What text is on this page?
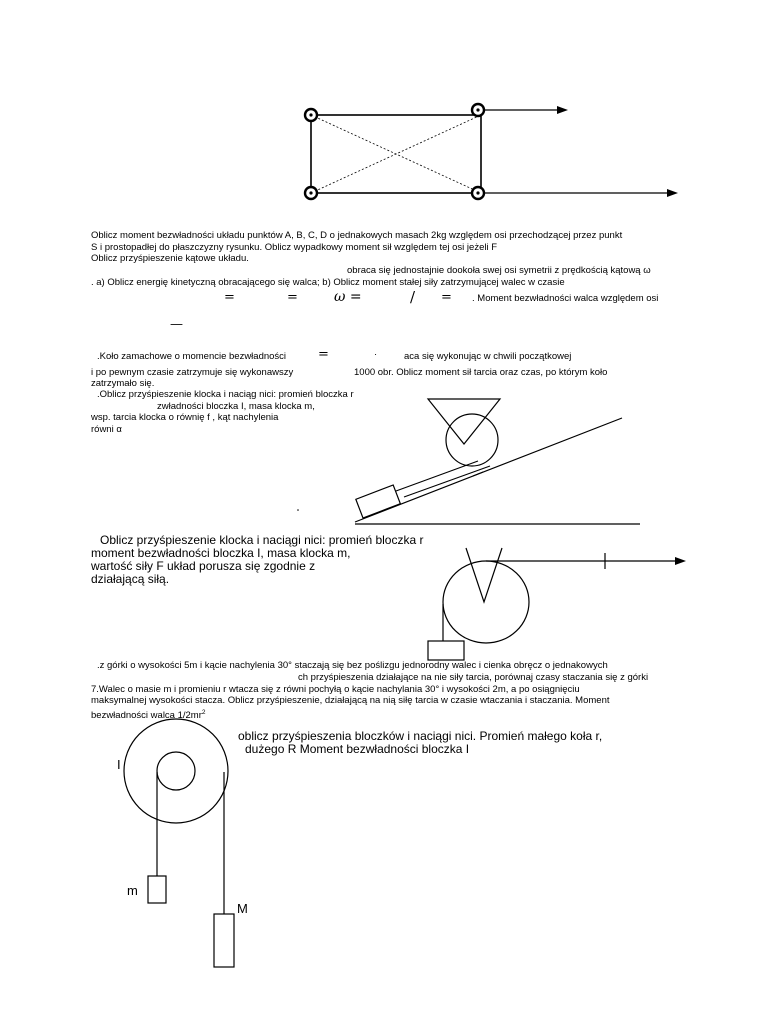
Oblicz moment bezwładności układu punktów A, B, C, D o jednakowych masach 2kg względem osi przechodzącej przez punkt
S i prostopadłej do płaszczyzny rysunku. Oblicz wypadkowy moment sił względem tej osi jeżeli F
Oblicz przyśpieszenie kątowe układu.
obraca się jednostajnie dookoła swej osi symetrii z prędkością kątową ω
. a) Oblicz energię kinetyczną obracającego się walca; b) Oblicz moment stałej siły zatrzymującej walec w czasie
=	=	ω =	/ = . Moment bezwładności walca względem osi
—
.Koło zamachowe o momencie bezwładności =	·	aca się wykonując w chwili początkowej
i po pewnym czasie zatrzymuje się wykonawszy	1000 obr. Oblicz moment sił tarcia oraz czas, po którym koło
zatrzymało się.
.Oblicz przyśpieszenie klocka i naciąg nici: promień bloczka r
zwładności bloczka I, masa klocka m,
wsp. tarcia klocka o równię f , kąt nachylenia
równi α
Oblicz przyśpieszenie klocka i naciągi nici: promień bloczka r
moment bezwładności bloczka I, masa klocka m,
wartość siły F układ porusza się zgodnie z
działającą siłą.
.z górki o wysokości 5m i kącie nachylenia 30° staczają się bez poślizgu jednorodny walec i cienka obręcz o jednakowych
ch przyśpieszenia działające na nie siły tarcia, porównaj czasy staczania się z górki
7.Walec o masie m i promieniu r wtacza się z równi pochyłą o kącie nachylania 30° i wysokości 2m, a po osiągnięciu
maksymalnej wysokości stacza. Oblicz przyśpieszenie, działającą na nią siłę tarcia w czasie wtaczania i staczania. Moment
bezwładności walca $1/2mr^2$
oblicz przyśpieszenia bloczków i naciągi nici. Promień małego koła r,
dużego R Moment bezwładności bloczka I
I
m
M
